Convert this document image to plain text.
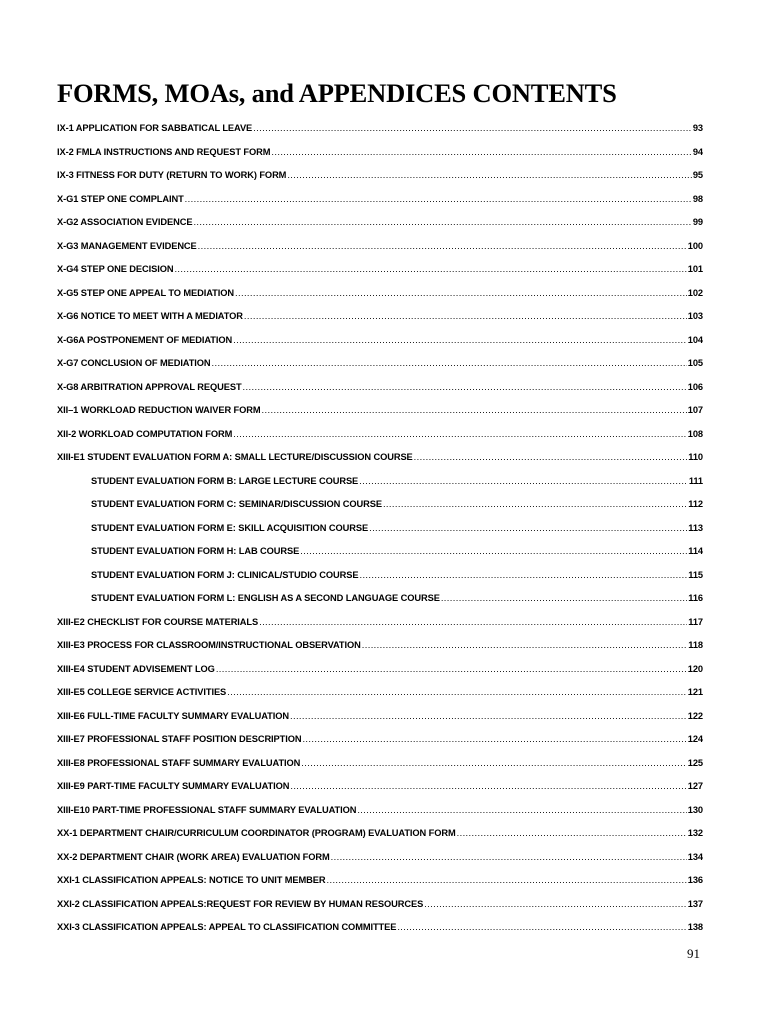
FORMS, MOAs, and APPENDICES CONTENTS
IX-1 APPLICATION FOR SABBATICAL LEAVE .....	93
IX-2 FMLA INSTRUCTIONS AND REQUEST FORM .....	94
IX-3 FITNESS FOR DUTY (RETURN TO WORK) FORM .....	95
X-G1 STEP ONE COMPLAINT .....	98
X-G2 ASSOCIATION EVIDENCE .....	99
X-G3 MANAGEMENT EVIDENCE .....	100
X-G4 STEP ONE DECISION .....	101
X-G5 STEP ONE APPEAL TO MEDIATION .....	102
X-G6 NOTICE TO MEET WITH A MEDIATOR .....	103
X-G6A POSTPONEMENT OF MEDIATION .....	104
X-G7 CONCLUSION OF MEDIATION .....	105
X-G8 ARBITRATION APPROVAL REQUEST .....	106
XII–1 WORKLOAD REDUCTION WAIVER FORM .....	107
XII-2 WORKLOAD COMPUTATION FORM .....	108
XIII-E1 STUDENT EVALUATION FORM A: SMALL LECTURE/DISCUSSION COURSE .....	110
STUDENT EVALUATION FORM B: LARGE LECTURE COURSE .....	111
STUDENT EVALUATION FORM C: SEMINAR/DISCUSSION COURSE .....	112
STUDENT EVALUATION FORM E: SKILL ACQUISITION COURSE .....	113
STUDENT EVALUATION FORM H: LAB COURSE .....	114
STUDENT EVALUATION FORM J: CLINICAL/STUDIO COURSE .....	115
STUDENT EVALUATION FORM L: ENGLISH AS A SECOND LANGUAGE COURSE .....	116
XIII-E2 CHECKLIST FOR COURSE MATERIALS .....	117
XIII-E3 PROCESS FOR CLASSROOM/INSTRUCTIONAL OBSERVATION .....	118
XIII-E4 STUDENT ADVISEMENT LOG .....	120
XIII-E5 COLLEGE SERVICE ACTIVITIES .....	121
XIII-E6 FULL-TIME FACULTY SUMMARY EVALUATION .....	122
XIII-E7 PROFESSIONAL STAFF POSITION DESCRIPTION .....	124
XIII-E8 PROFESSIONAL STAFF SUMMARY EVALUATION .....	125
XIII-E9 PART-TIME FACULTY SUMMARY EVALUATION .....	127
XIII-E10 PART-TIME PROFESSIONAL STAFF SUMMARY EVALUATION .....	130
XX-1 DEPARTMENT CHAIR/CURRICULUM COORDINATOR (PROGRAM) EVALUATION FORM .....	132
XX-2 DEPARTMENT CHAIR (WORK AREA) EVALUATION FORM .....	134
XXI-1 CLASSIFICATION APPEALS: NOTICE TO UNIT MEMBER .....	136
XXI-2 CLASSIFICATION APPEALS:REQUEST FOR REVIEW BY HUMAN RESOURCES .....	137
XXI-3 CLASSIFICATION APPEALS: APPEAL TO CLASSIFICATION COMMITTEE .....	138
91
